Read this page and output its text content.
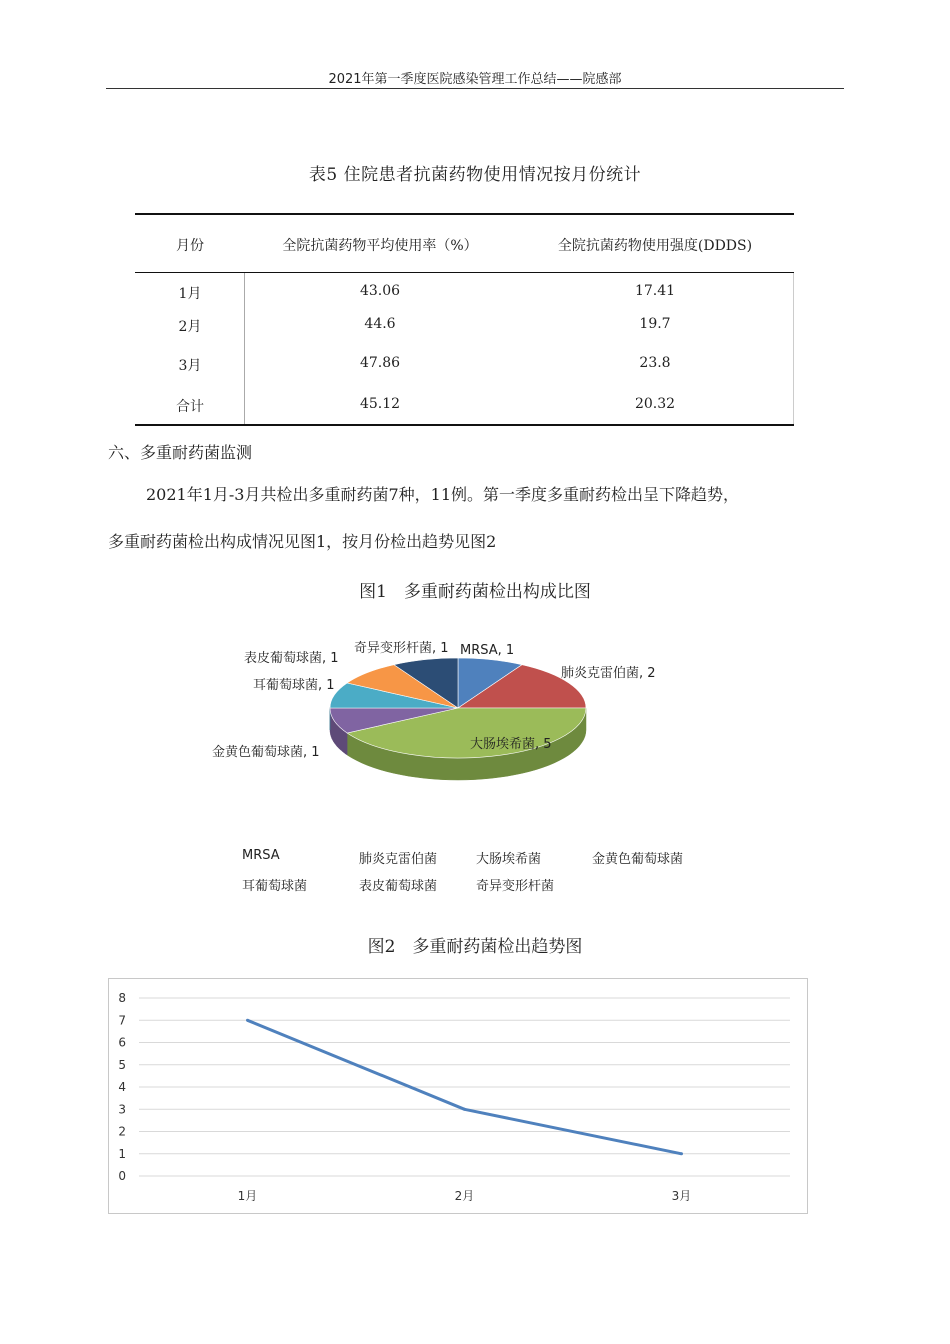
2021年第一季度医院感染管理工作总结——院感部
表5 住院患者抗菌药物使用情况按月份统计
月份	全院抗菌药物平均使用率（%）	全院抗菌药物使用强度(DDDS)
1月	43.06	17.41
2月	44.6	19.7
3月	47.86	23.8
合计	45.12	20.32
六、多重耐药菌监测
2021年1月-3月共检出多重耐药菌7种，11例。第一季度多重耐药检出呈下降趋势，
多重耐药菌检出构成情况见图1，按月份检出趋势见图2
图1　多重耐药菌检出构成比图
MRSA, 1
肺炎克雷伯菌, 2
大肠埃希菌, 5
金黄色葡萄球菌, 1
耳葡萄球菌, 1
表皮葡萄球菌, 1
奇异变形杆菌, 1
MRSA	肺炎克雷伯菌	大肠埃希菌	金黄色葡萄球菌
耳葡萄球菌	表皮葡萄球菌	奇异变形杆菌
图2　多重耐药菌检出趋势图
0
1
2
3
4
5
6
7
8
1月	2月	3月
